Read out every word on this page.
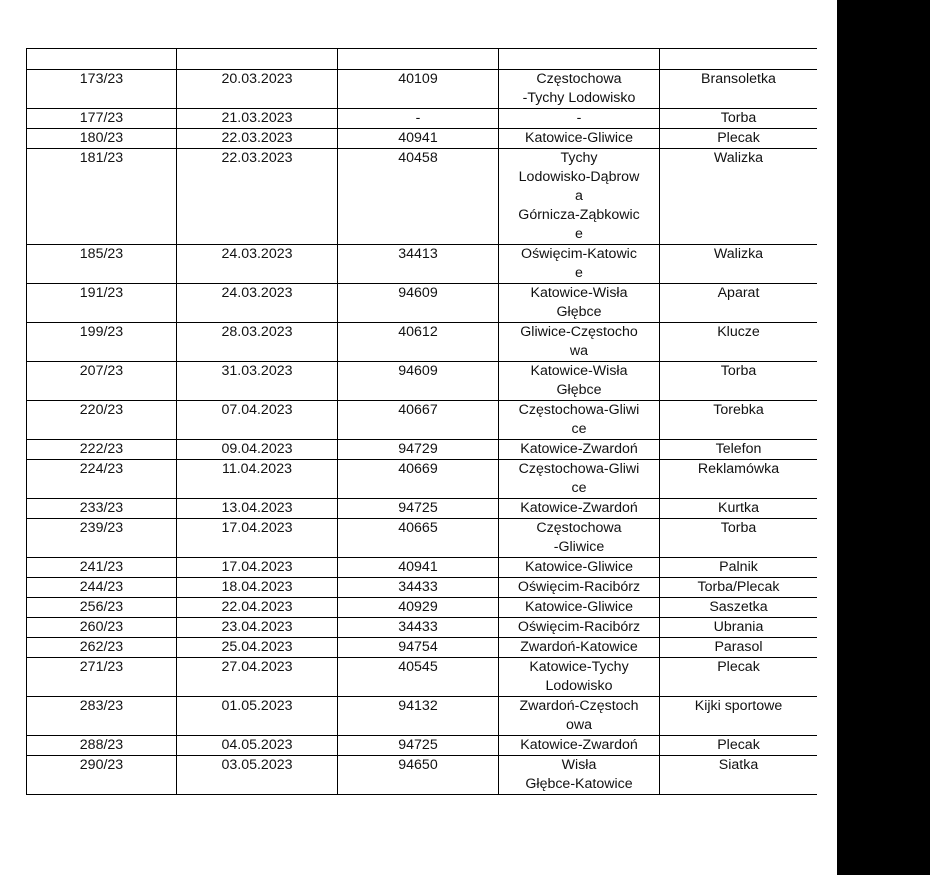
173/23	20.03.2023	40109	Częstochowa
-Tychy Lodowisko	Bransoletka
177/23	21.03.2023	-	-	Torba
180/23	22.03.2023	40941	Katowice-Gliwice	Plecak
181/23	22.03.2023	40458	Tychy
Lodowisko-Dąbrow
a
Górnicza-Ząbkowic
e	Walizka
185/23	24.03.2023	34413	Oświęcim-Katowic
e	Walizka
191/23	24.03.2023	94609	Katowice-Wisła
Głębce	Aparat
199/23	28.03.2023	40612	Gliwice-Częstocho
wa	Klucze
207/23	31.03.2023	94609	Katowice-Wisła
Głębce	Torba
220/23	07.04.2023	40667	Częstochowa-Gliwi
ce	Torebka
222/23	09.04.2023	94729	Katowice-Zwardoń	Telefon
224/23	11.04.2023	40669	Częstochowa-Gliwi
ce	Reklamówka
233/23	13.04.2023	94725	Katowice-Zwardoń	Kurtka
239/23	17.04.2023	40665	Częstochowa
-Gliwice	Torba
241/23	17.04.2023	40941	Katowice-Gliwice	Palnik
244/23	18.04.2023	34433	Oświęcim-Racibórz	Torba/Plecak
256/23	22.04.2023	40929	Katowice-Gliwice	Saszetka
260/23	23.04.2023	34433	Oświęcim-Racibórz	Ubrania
262/23	25.04.2023	94754	Zwardoń-Katowice	Parasol
271/23	27.04.2023	40545	Katowice-Tychy
Lodowisko	Plecak
283/23	01.05.2023	94132	Zwardoń-Częstoch
owa	Kijki sportowe
288/23	04.05.2023	94725	Katowice-Zwardoń	Plecak
290/23	03.05.2023	94650	Wisła
Głębce-Katowice	Siatka
